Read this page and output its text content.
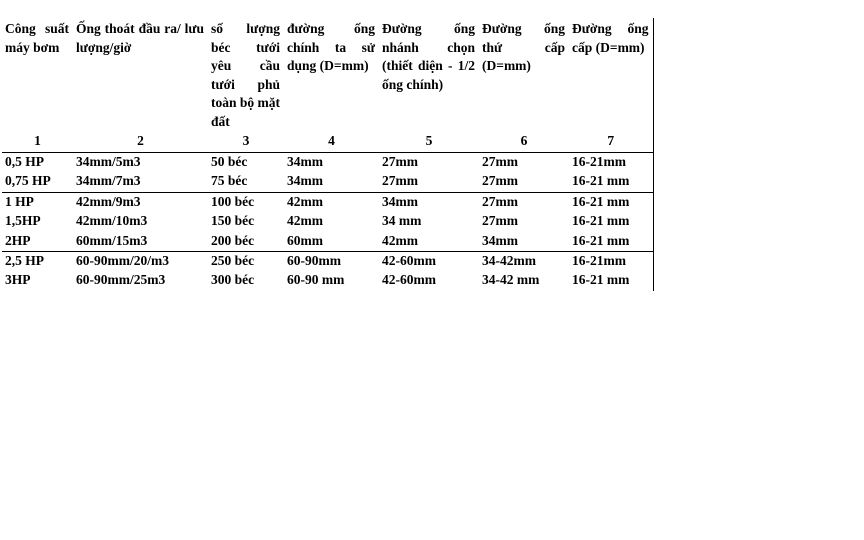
Công suất máy bơm	Ống thoát đầu ra/ lưu lượng/giờ	số lượng béc tưới yêu cầu tưới phủ toàn bộ mặt đất	đường ống chính ta sử dụng (D=mm)	Đường ống nhánh chọn (thiết diện - 1/2 ống chính)	Đường ống thứ cấp (D=mm)	Đường ống cấp (D=mm)
1	2	3	4	5	6	7
0,5 HP	34mm/5m3	50 béc	34mm	27mm	27mm	16-21mm
0,75 HP	34mm/7m3	75 béc	34mm	27mm	27mm	16-21 mm
1 HP	42mm/9m3	100 béc	42mm	34mm	27mm	16-21 mm
1,5HP	42mm/10m3	150 béc	42mm	34 mm	27mm	16-21 mm
2HP	60mm/15m3	200 béc	60mm	42mm	34mm	16-21 mm
2,5 HP	60-90mm/20/m3	250 béc	60-90mm	42-60mm	34-42mm	16-21mm
3HP	60-90mm/25m3	300 béc	60-90 mm	42-60mm	34-42 mm	16-21 mm
